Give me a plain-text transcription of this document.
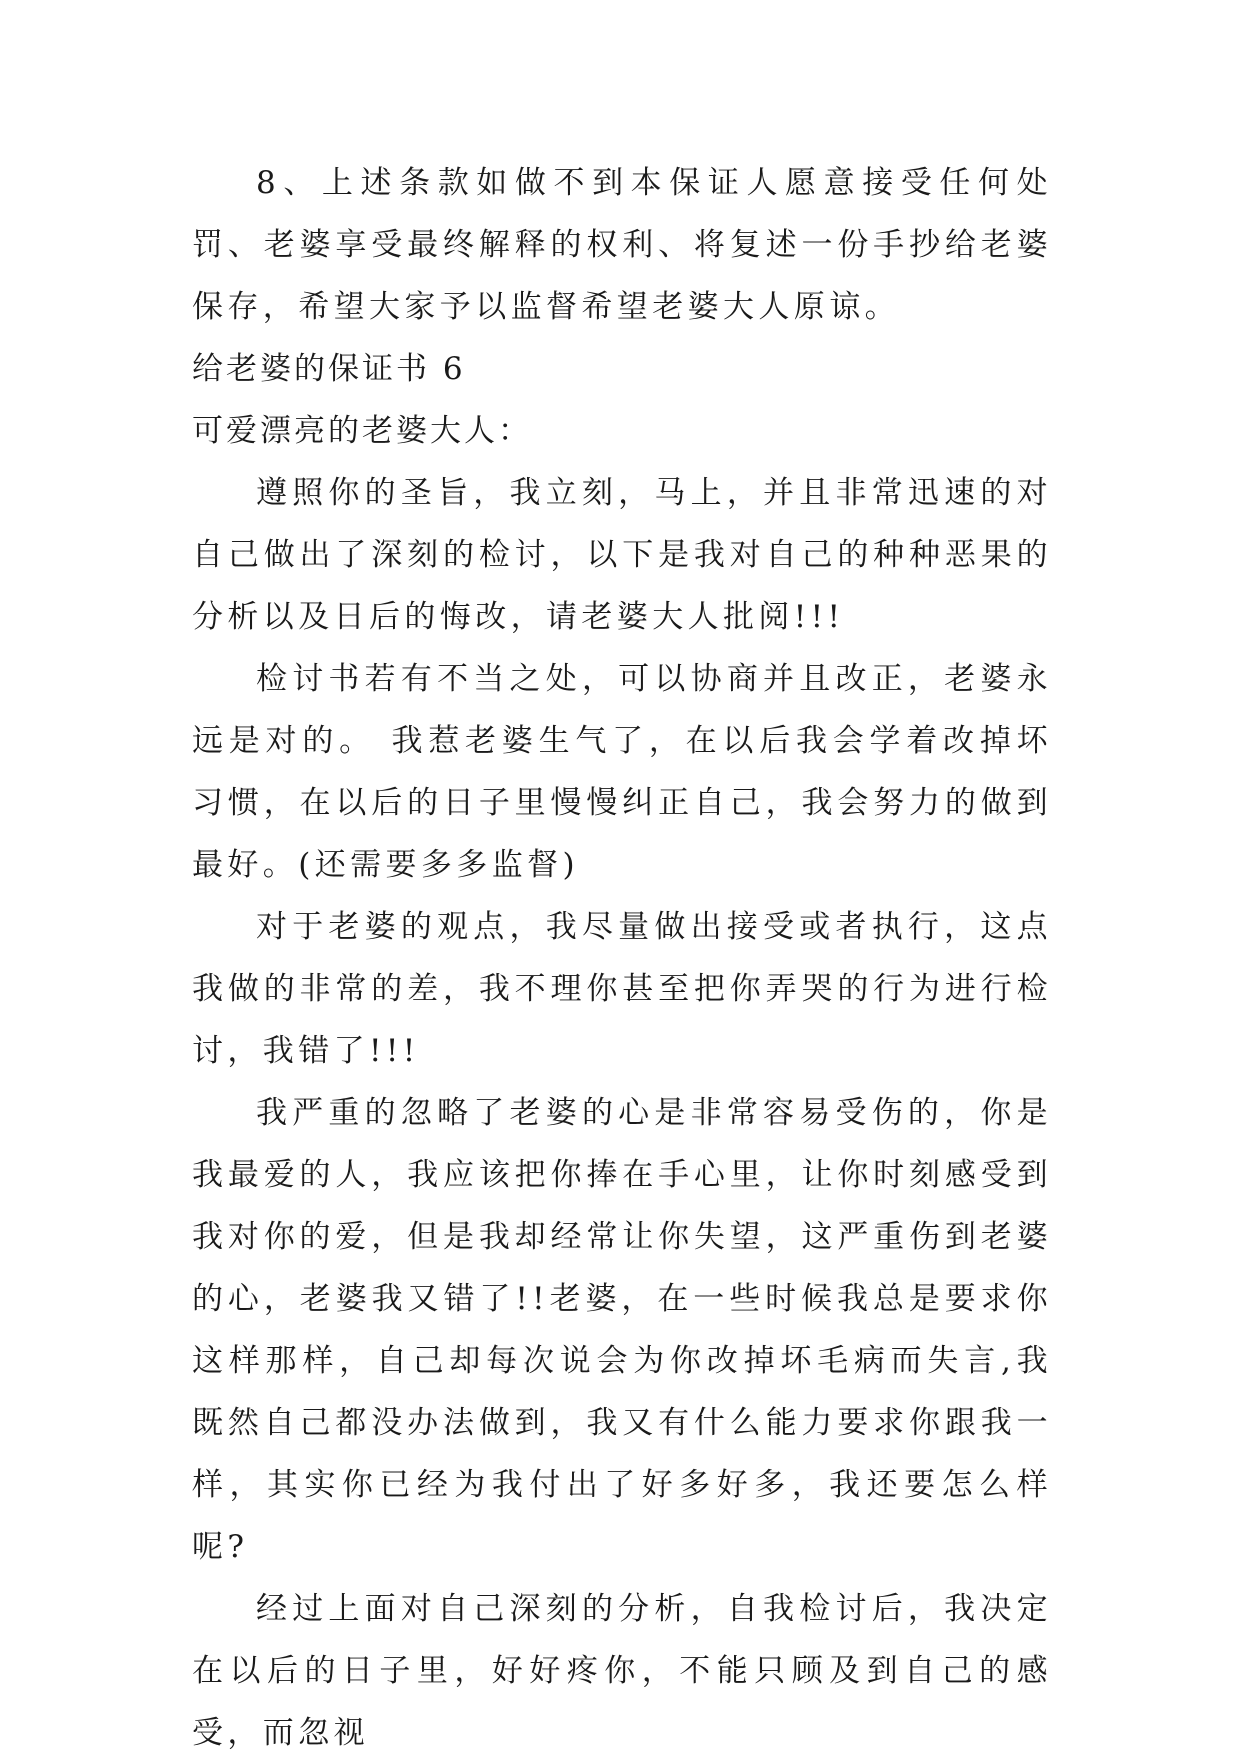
8、上述条款如做不到本保证人愿意接受任何处罚、老婆享受最终解释的权利、将复述一份手抄给老婆保存，希望大家予以监督希望老婆大人原谅。

给老婆的保证书 6

可爱漂亮的老婆大人：

遵照你的圣旨，我立刻，马上，并且非常迅速的对自己做出了深刻的检讨，以下是我对自己的种种恶果的分析以及日后的悔改，请老婆大人批阅!!!

检讨书若有不当之处，可以协商并且改正，老婆永远是对的。 我惹老婆生气了，在以后我会学着改掉坏习惯，在以后的日子里慢慢纠正自己，我会努力的做到最好。(还需要多多监督)

对于老婆的观点，我尽量做出接受或者执行，这点我做的非常的差，我不理你甚至把你弄哭的行为进行检讨，我错了!!!

我严重的忽略了老婆的心是非常容易受伤的，你是我最爱的人，我应该把你捧在手心里，让你时刻感受到我对你的爱，但是我却经常让你失望，这严重伤到老婆的心，老婆我又错了!!老婆，在一些时候我总是要求你这样那样，自己却每次说会为你改掉坏毛病而失言,我既然自己都没办法做到，我又有什么能力要求你跟我一样，其实你已经为我付出了好多好多，我还要怎么样呢?

经过上面对自己深刻的分析，自我检讨后，我决定在以后的日子里，好好疼你，不能只顾及到自己的感受，而忽视
